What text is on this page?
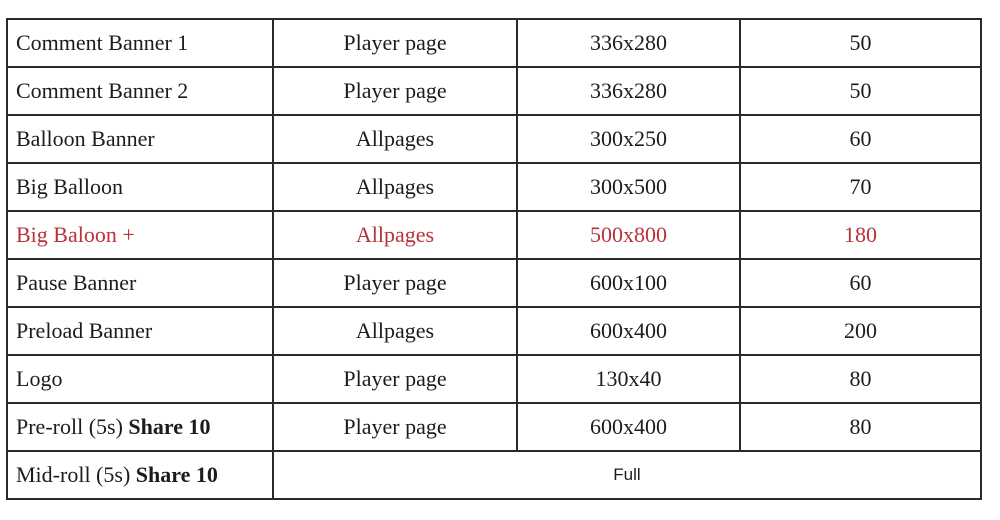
Comment Banner 1	Player page	336x280	50
Comment Banner 2	Player page	336x280	50
Balloon Banner	Allpages	300x250	60
Big Balloon	Allpages	300x500	70
Big Baloon +	Allpages	500x800	180
Pause Banner	Player page	600x100	60
Preload Banner	Allpages	600x400	200
Logo	Player page	130x40	80
Pre-roll (5s) Share 10	Player page	600x400	80
Mid-roll (5s) Share 10	Full		
